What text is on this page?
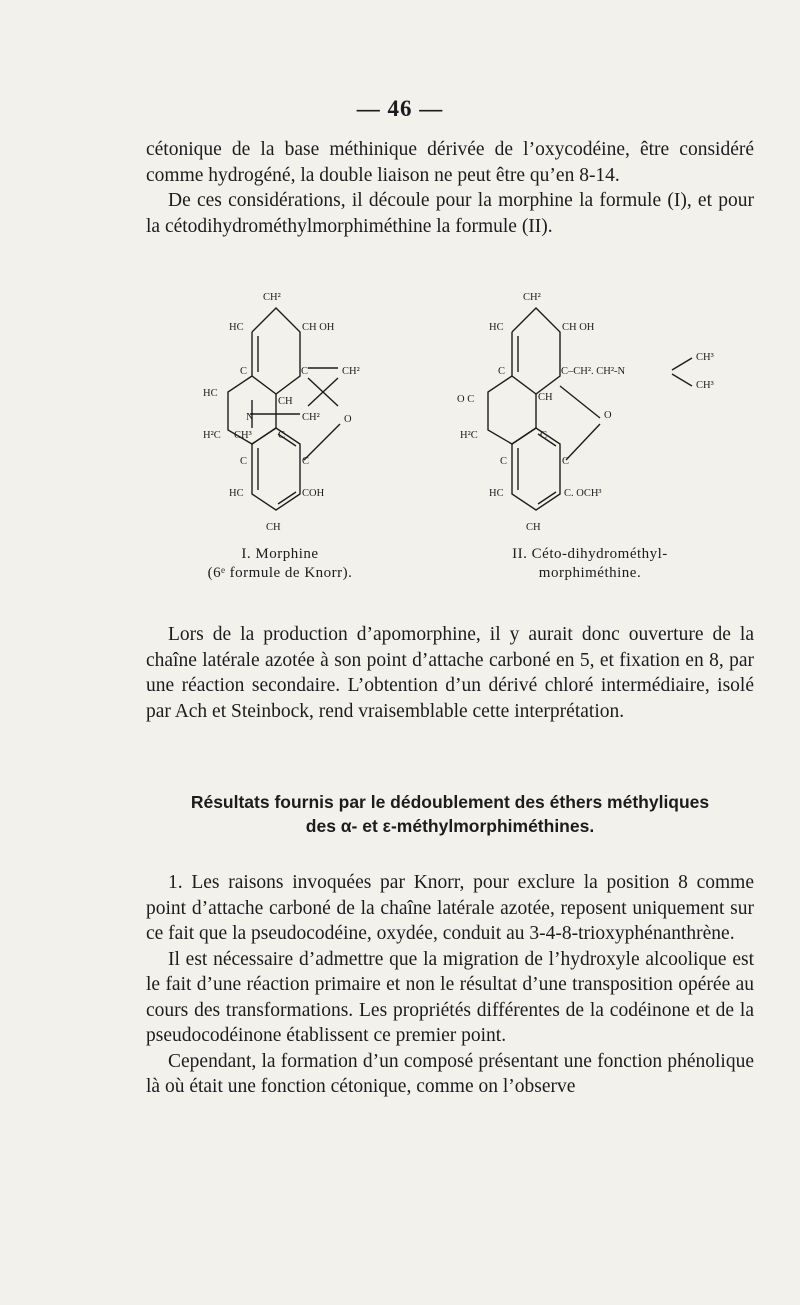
— 46 —

cétonique de la base méthinique dérivée de l’oxycodéine, être considéré comme hydrogéné, la double liaison ne peut être qu’en 8-14.

De ces considérations, il découle pour la morphine la formule (I), et pour la cétodihydrométhylmorphiméthine la formule (II).

CH²
HC	CH OH
C	C	CH²
HC
CH
N	CH² O
H²C CH³	C
C	C
HC	COH
CH
CH²
HC	CH OH
C	C–CH². CH²-N
CH³
CH³
O C	CH
O
H²C	C
C	C
HC	C. OCH³
CH
I. Morphine
(6ᵉ formule de Knorr).
II. Céto-dihydrométhyl-
morphiméthine.

Lors de la production d’apomorphine, il y aurait donc ouverture de la chaîne latérale azotée à son point d’attache carboné en 5, et fixation en 8, par une réaction secondaire. L’obtention d’un dérivé chloré intermédiaire, isolé par Ach et Steinbock, rend vraisemblable cette interprétation.

Résultats fournis par le dédoublement des éthers méthyliques
des α- et ε-méthylmorphiméthines.

1. Les raisons invoquées par Knorr, pour exclure la position 8 comme point d’attache carboné de la chaîne latérale azotée, reposent uniquement sur ce fait que la pseudocodéine, oxydée, conduit au 3-4-8-trioxyphénanthrène.

Il est nécessaire d’admettre que la migration de l’hydroxyle alcoolique est le fait d’une réaction primaire et non le résultat d’une transposition opérée au cours des transformations. Les propriétés différentes de la codéinone et de la pseudocodéinone établissent ce premier point.

Cependant, la formation d’un composé présentant une fonction phénolique là où était une fonction cétonique, comme on l’observe
